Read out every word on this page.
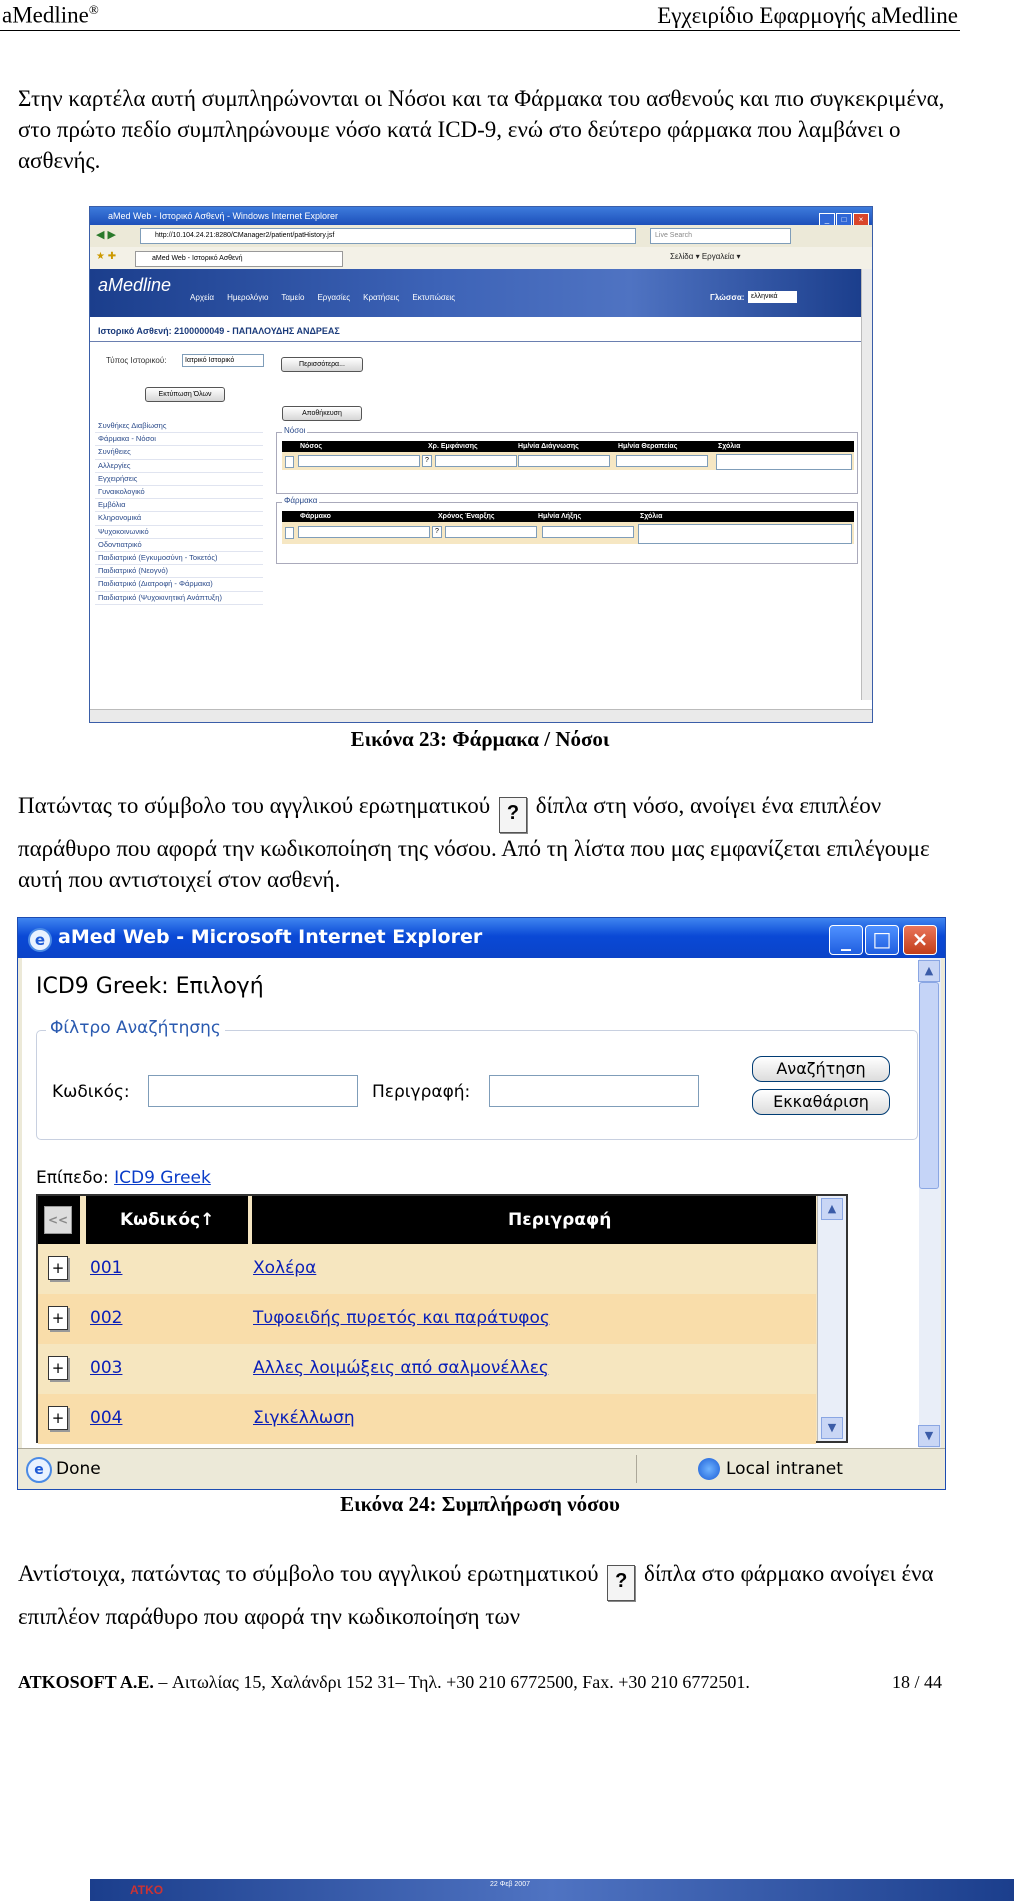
aMedline®	Εγχειρίδιο Εφαρμογής aMedline
Στην καρτέλα αυτή συμπληρώνονται οι Νόσοι και τα Φάρμακα του ασθενούς και πιο συγκεκριμένα, στο πρώτο πεδίο συμπληρώνουμε νόσο κατά ICD-9, ενώ στο δεύτερο φάρμακα που λαμβάνει ο ασθενής.
aMed Web - Ιστορικό Ασθενή - Windows Internet Explorer	_ □ ×
◀ ▶	http://10.104.24.21:8280/CManager2/patient/patHistory.jsf	Live Search
★ ✚	aMed Web - Ιστορικό Ασθενή	Σελίδα ▾ Εργαλεία ▾
aMedline
Αρχεία Ημερολόγιο Ταμείο Εργασίες Κρατήσεις Εκτυπώσεις	Γλώσσα: ελληνικά
Ιστορικό Ασθενή: 2100000049 - ΠΑΠΑΛΟΥΔΗΣ ΑΝΔΡΕΑΣ
Τύπος Ιστορικού:	Ιατρικό Ιστορικό
Περισσότερα...
Εκτύπωση Όλων
Αποθήκευση
Συνθήκες Διαβίωσης
Φάρμακα - Νόσοι
Συνήθειες
Αλλεργίες
Εγχειρήσεις
Γυναικολογικό
Εμβόλια
Κληρονομικά
Ψυχοκοινωνικό
Οδοντιατρικό
Παιδιατρικό (Εγκυμοσύνη - Τοκετός)
Παιδιατρικό (Νεογνό)
Παιδιατρικό (Διατροφή - Φάρμακα)
Παιδιατρικό (Ψυχοκινητική Ανάπτυξη)
Νόσοι
Νόσος	Χρ. Εμφάνισης	Ημ/νία Διάγνωσης	Ημ/νία Θεραπείας	Σχόλια
?
Φάρμακα
Φάρμακο	Χρόνος Έναρξης	Ημ/νία Λήξης	Σχόλια
?
ATKO	22 Φεβ 2007
Εικόνα 23: Φάρμακα / Νόσοι
Πατώντας το σύμβολο του αγγλικού ερωτηματικού ? δίπλα στη νόσο, ανοίγει ένα επιπλέον παράθυρο που αφορά την κωδικοποίηση της νόσου. Από τη λίστα που μας εμφανίζεται επιλέγουμε αυτή που αντιστοιχεί στον ασθενή.
e aMed Web - Microsoft Internet Explorer	_	□	×
ICD9 Greek: Επιλογή
Φίλτρο Αναζήτησης
Κωδικός:	Περιγραφή:
Αναζήτηση
Εκκαθάριση
Επίπεδο: ICD9 Greek
<<	Κωδικός↑	Περιγραφή
+ 001	Χολέρα
+ 002	Τυφοειδής πυρετός και παράτυφος
+ 003	Αλλες λοιμώξεις από σαλμονέλλες
+ 004	Σιγκέλλωση
▲
▼
▲
▼
e Done	Local intranet
Εικόνα 24: Συμπλήρωση νόσου
Αντίστοιχα, πατώντας το σύμβολο του αγγλικού ερωτηματικού ? δίπλα στο φάρμακο ανοίγει ένα επιπλέον παράθυρο που αφορά την κωδικοποίηση των
ATKOSOFT A.E. – Αιτωλίας 15, Χαλάνδρι 152 31– Τηλ. +30 210 6772500, Fax. +30 210 6772501.	18 / 44
